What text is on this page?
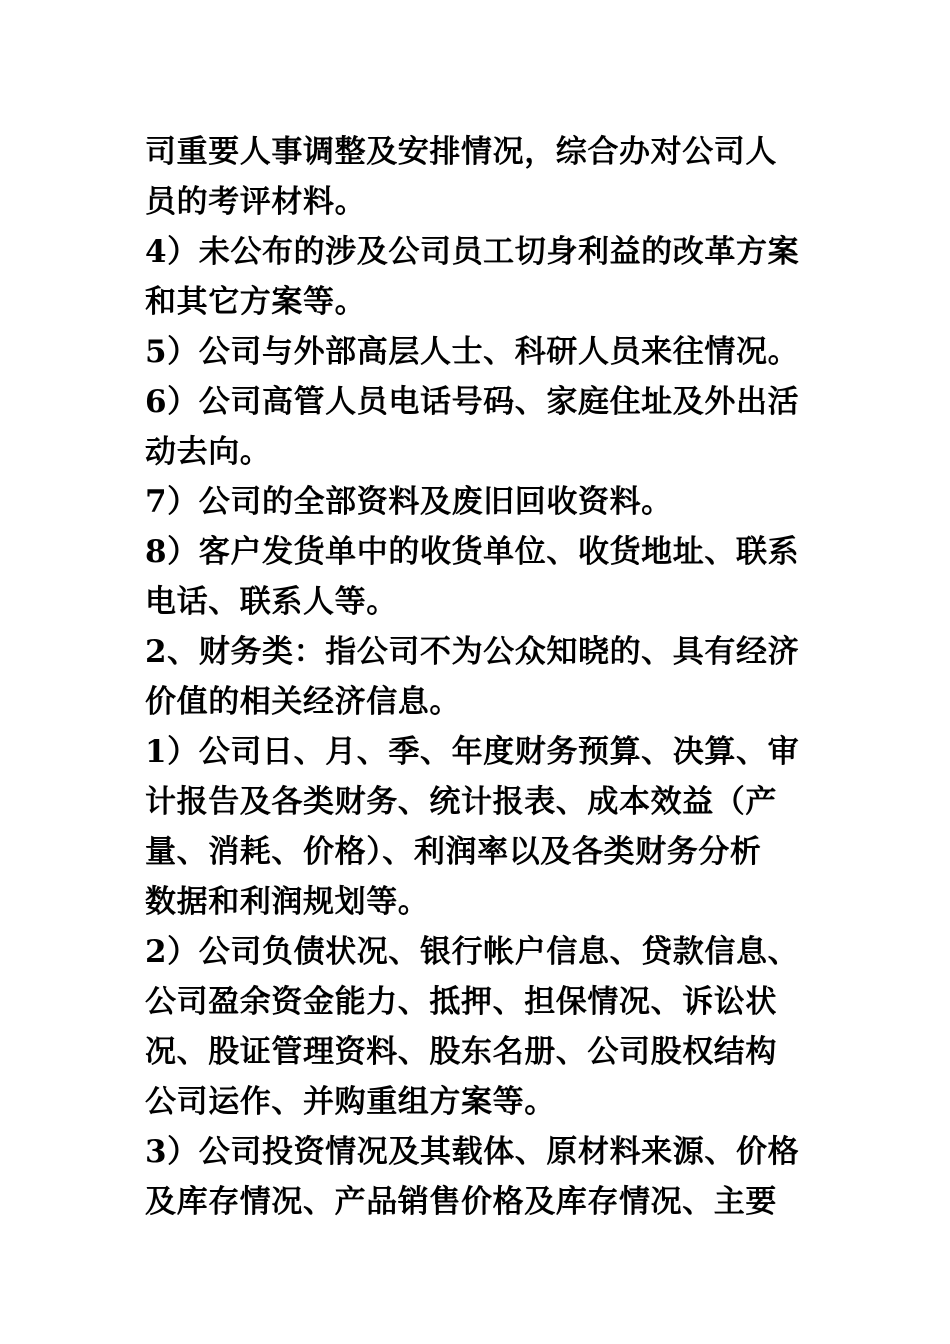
司重要人事调整及安排情况，综合办对公司人

员的考评材料。

4）未公布的涉及公司员工切身利益的改革方案

和其它方案等。

5）公司与外部高层人士、科研人员来往情况。

6）公司高管人员电话号码、家庭住址及外出活

动去向。

7）公司的全部资料及废旧回收资料。

8）客户发货单中的收货单位、收货地址、联系

电话、联系人等。

2、财务类：指公司不为公众知晓的、具有经济

价值的相关经济信息。

1）公司日、月、季、年度财务预算、决算、审

计报告及各类财务、统计报表、成本效益（产

量、消耗、价格）、利润率以及各类财务分析

数据和利润规划等。

2）公司负债状况、银行帐户信息、贷款信息、

公司盈余资金能力、抵押、担保情况、诉讼状

况、股证管理资料、股东名册、公司股权结构

公司运作、并购重组方案等。

3）公司投资情况及其载体、原材料来源、价格

及库存情况、产品销售价格及库存情况、主要
